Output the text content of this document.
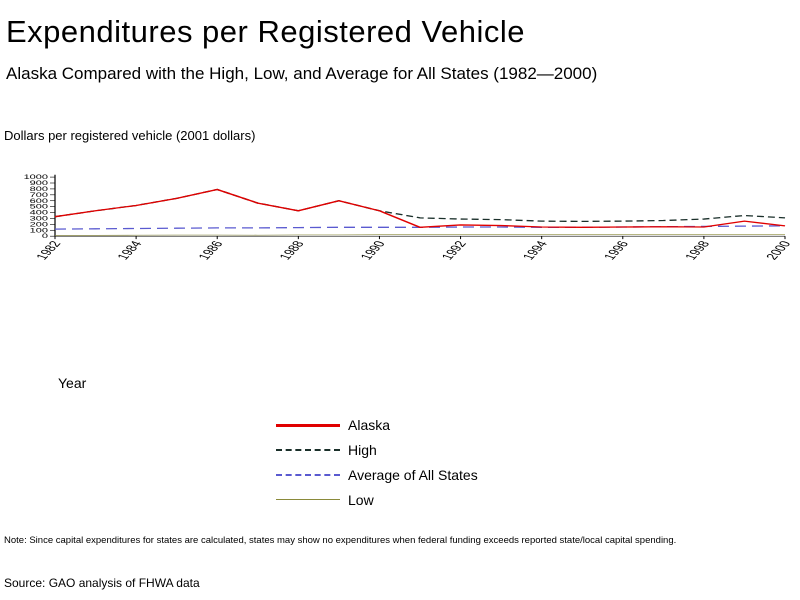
Expenditures per Registered Vehicle
Alaska Compared with the High, Low, and Average for All States (1982—2000)
Dollars per registered vehicle (2001 dollars)
0
100
200
300
400
500
600
700
800
900
1000
1982	1984	1986	1988	1990	1992	1994	1996	1998	2000
Year
Alaska
High
Average of All States
Low
Note: Since capital expenditures for states are calculated, states may show no expenditures when federal funding exceeds reported state/local capital spending.
Source: GAO analysis of FHWA data
